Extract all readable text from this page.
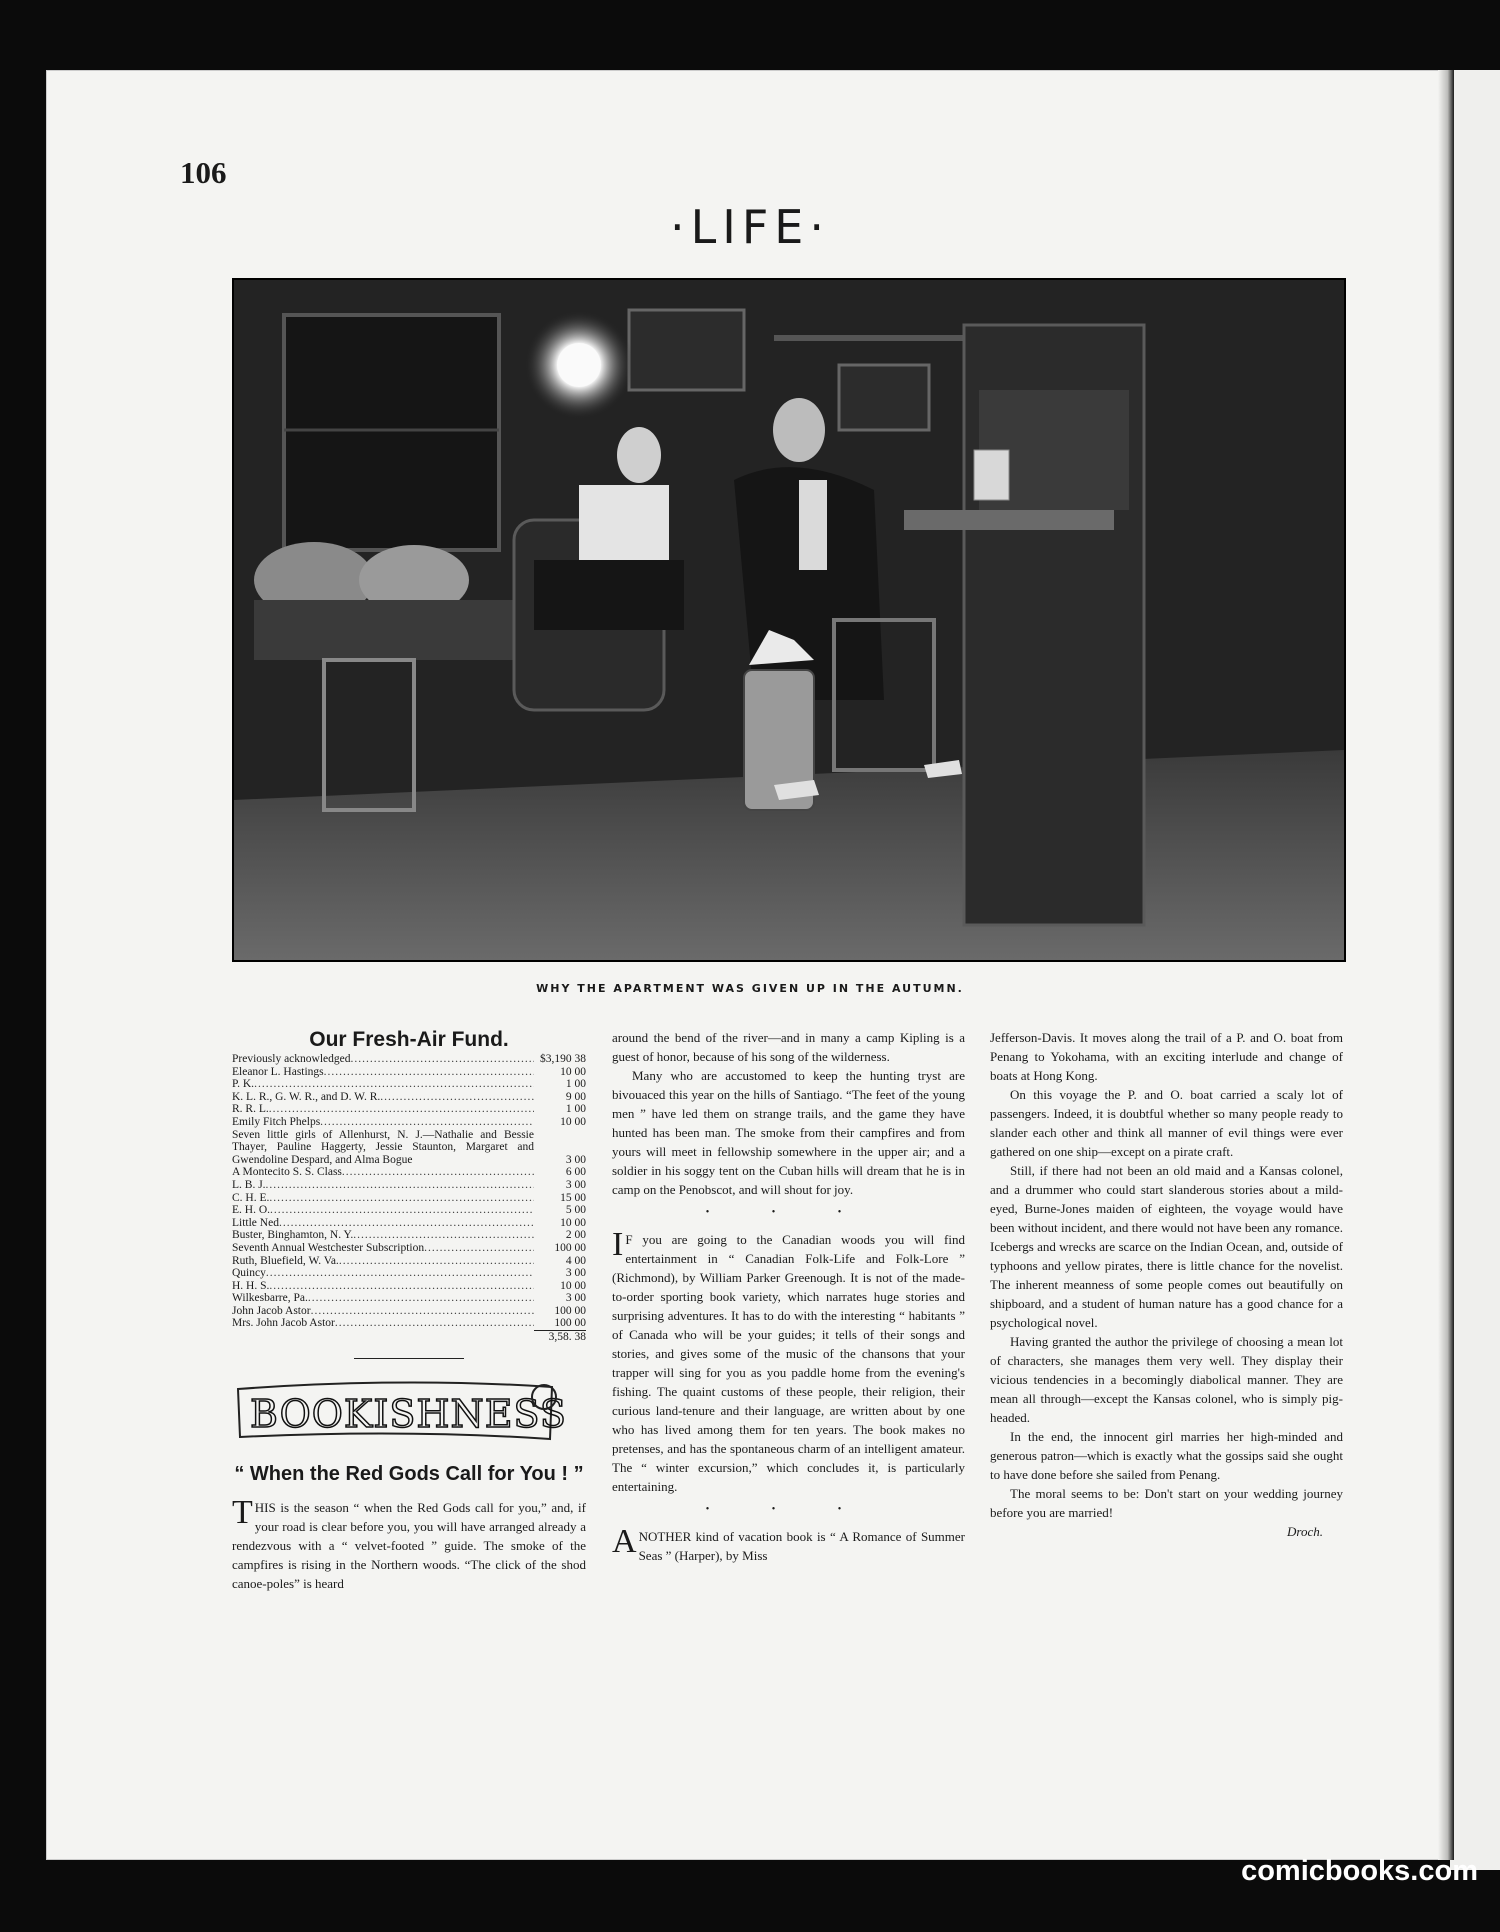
106
·LIFE·
WHY THE APARTMENT WAS GIVEN UP IN THE AUTUMN.
Our Fresh-Air Fund.
Previously acknowledged .....	$3,190 38
Eleanor L. Hastings .....	10 00
P. K. .....	1 00
K. L. R., G. W. R., and D. W. R. .....	9 00
R. R. L. .....	1 00
Emily Fitch Phelps .....	10 00
Seven little girls of Allenhurst, N. J.—Nathalie and Bessie Thayer, Pauline Haggerty, Jessie Staunton, Margaret and Gwendoline Despard, and Alma Bogue	3 00
A Montecito S. S. Class .....	6 00
L. B. J. .....	3 00
C. H. E. .....	15 00
E. H. O. .....	5 00
Little Ned .....	10 00
Buster, Binghamton, N. Y. .....	2 00
Seventh Annual Westchester Subscription .....	100 00
Ruth, Bluefield, W. Va. .....	4 00
Quincy .....	3 00
H. H. S. .....	10 00
Wilkesbarre, Pa. .....	3 00
John Jacob Astor .....	100 00
Mrs. John Jacob Astor .....	100 00
3,58. 38
BOOKISHNESS
“ When the Red Gods Call for You ! ”

THIS is the season “ when the Red Gods call for you,” and, if your road is clear before you, you will have arranged already a rendezvous with a “ velvet-footed ” guide. The smoke of the campfires is rising in the Northern woods. “The click of the shod canoe-poles” is heard

around the bend of the river—and in many a camp Kipling is a guest of honor, because of his song of the wilderness.

Many who are accustomed to keep the hunting tryst are bivouaced this year on the hills of Santiago. “The feet of the young men ” have led them on strange trails, and the game they have hunted has been man. The smoke from their campfires and from yours will meet in fellowship somewhere in the upper air; and a soldier in his soggy tent on the Cuban hills will dream that he is in camp on the Penobscot, and will shout for joy.

• • •

I F you are going to the Canadian woods you will find entertainment in “ Canadian Folk-Life and Folk-Lore ” (Richmond), by William Parker Greenough. It is not of the made-to-order sporting book variety, which narrates huge stories and surprising adventures. It has to do with the interesting “ habitants ” of Canada who will be your guides; it tells of their songs and stories, and gives some of the music of the chansons that your trapper will sing for you as you paddle home from the evening's fishing. The quaint customs of these people, their religion, their curious land-tenure and their language, are written about by one who has lived among them for ten years. The book makes no pretenses, and has the spontaneous charm of an intelligent amateur. The “ winter excursion,” which concludes it, is particularly entertaining.

• • •

ANOTHER kind of vacation book is “ A Romance of Summer Seas ” (Harper), by Miss

Jefferson-Davis. It moves along the trail of a P. and O. boat from Penang to Yokohama, with an exciting interlude and change of boats at Hong Kong.

On this voyage the P. and O. boat carried a scaly lot of passengers. Indeed, it is doubtful whether so many people ready to slander each other and think all manner of evil things were ever gathered on one ship—except on a pirate craft.

Still, if there had not been an old maid and a Kansas colonel, and a drummer who could start slanderous stories about a mild-eyed, Burne-Jones maiden of eighteen, the voyage would have been without incident, and there would not have been any romance. Icebergs and wrecks are scarce on the Indian Ocean, and, outside of typhoons and yellow pirates, there is little chance for the novelist. The inherent meanness of some people comes out beautifully on shipboard, and a student of human nature has a good chance for a psychological novel.

Having granted the author the privilege of choosing a mean lot of characters, she manages them very well. They display their vicious tendencies in a becomingly diabolical manner. They are mean all through—except the Kansas colonel, who is simply pig-headed.

In the end, the innocent girl marries her high-minded and generous patron—which is exactly what the gossips said she ought to have done before she sailed from Penang.

The moral seems to be: Don't start on your wedding journey before you are married!

Droch.
comicbooks.com
